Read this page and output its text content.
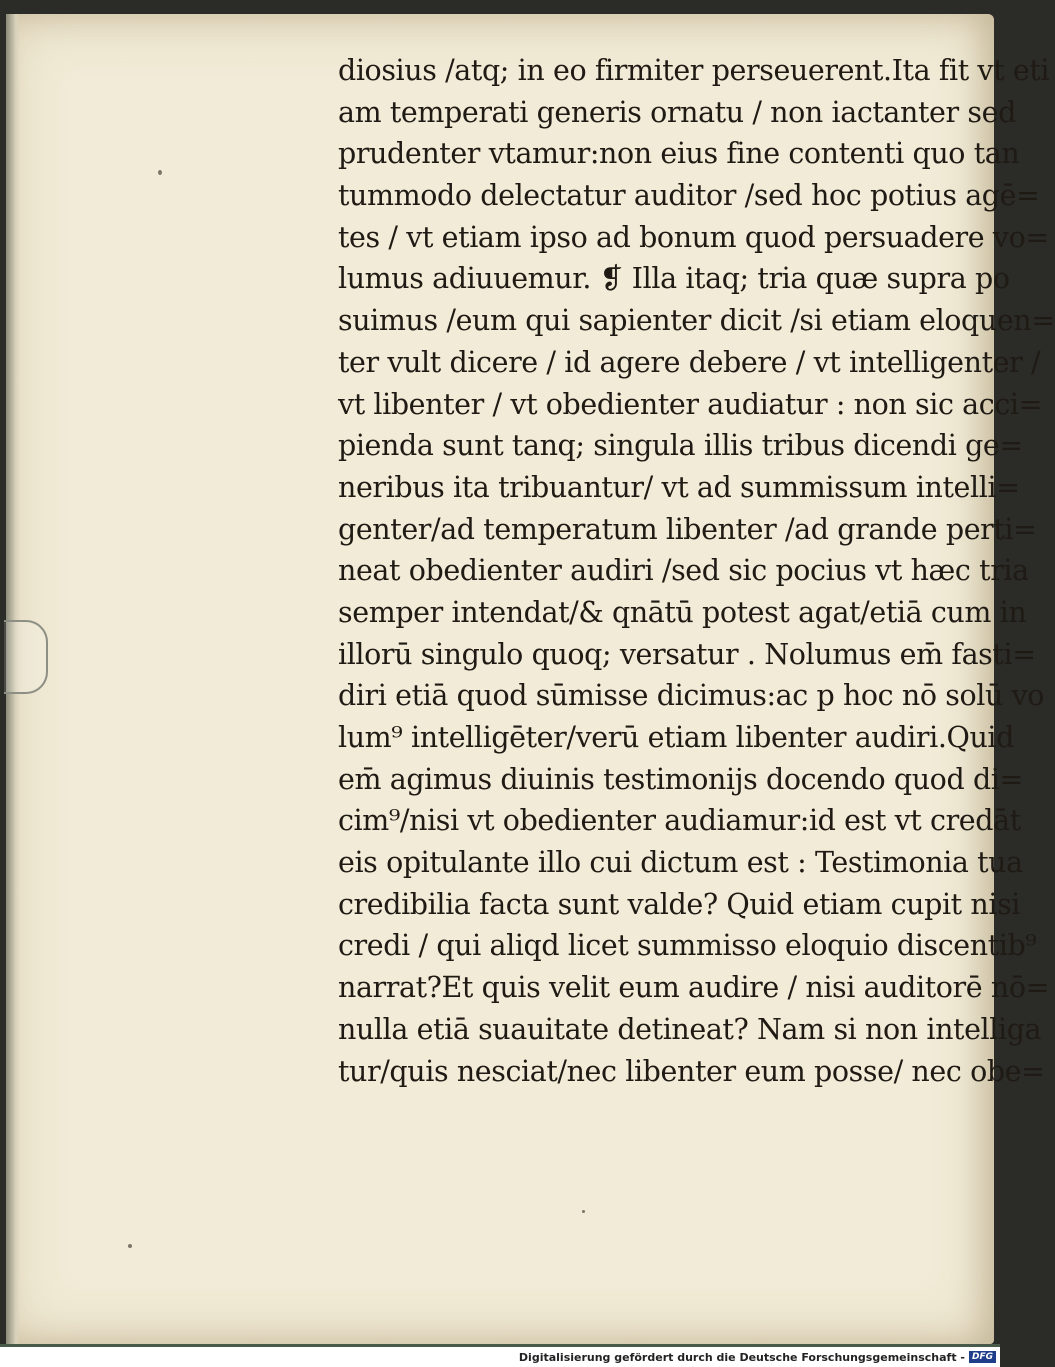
diosius /atq; in eo firmiter perseuerent.Ita fit vt eti
am temperati generis ornatu / non iactanter sed
prudenter vtamur:non eius fine contenti quo tan
tummodo delectatur auditor /sed hoc potius agē=
tes / vt etiam ipso ad bonum quod persuadere vo=
lumus adiuuemur. ❡ Illa itaq; tria quæ supra po
suimus /eum qui sapienter dicit /si etiam eloquen=
ter vult dicere / id agere debere / vt intelligenter /
vt libenter / vt obedienter audiatur : non sic acci=
pienda sunt tanq; singula illis tribus dicendi ge=
neribus ita tribuantur/ vt ad summissum intelli=
genter/ad temperatum libenter /ad grande perti=
neat obedienter audiri /sed sic pocius vt hæc tria
semper intendat/& qnātū potest agat/etiā cum in
illorū singulo quoq; versatur . Nolumus em̄ fasti=
diri etiā quod sūmisse dicimus:ac p hoc nō solū vo
lum⁹ intelligēter/verū etiam libenter audiri.Quid
em̄ agimus diuinis testimonijs docendo quod di=
cim⁹/nisi vt obedienter audiamur:id est vt credāt
eis opitulante illo cui dictum est : Testimonia tua
credibilia facta sunt valde? Quid etiam cupit nisi
credi / qui aliqd licet summisso eloquio discentib⁹
narrat?Et quis velit eum audire / nisi auditorē nō=
nulla etiā suauitate detineat? Nam si non intelliga
tur/quis nesciat/nec libenter eum posse/ nec obe=
Digitalisierung gefördert durch die Deutsche Forschungsgemeinschaft - DFG
